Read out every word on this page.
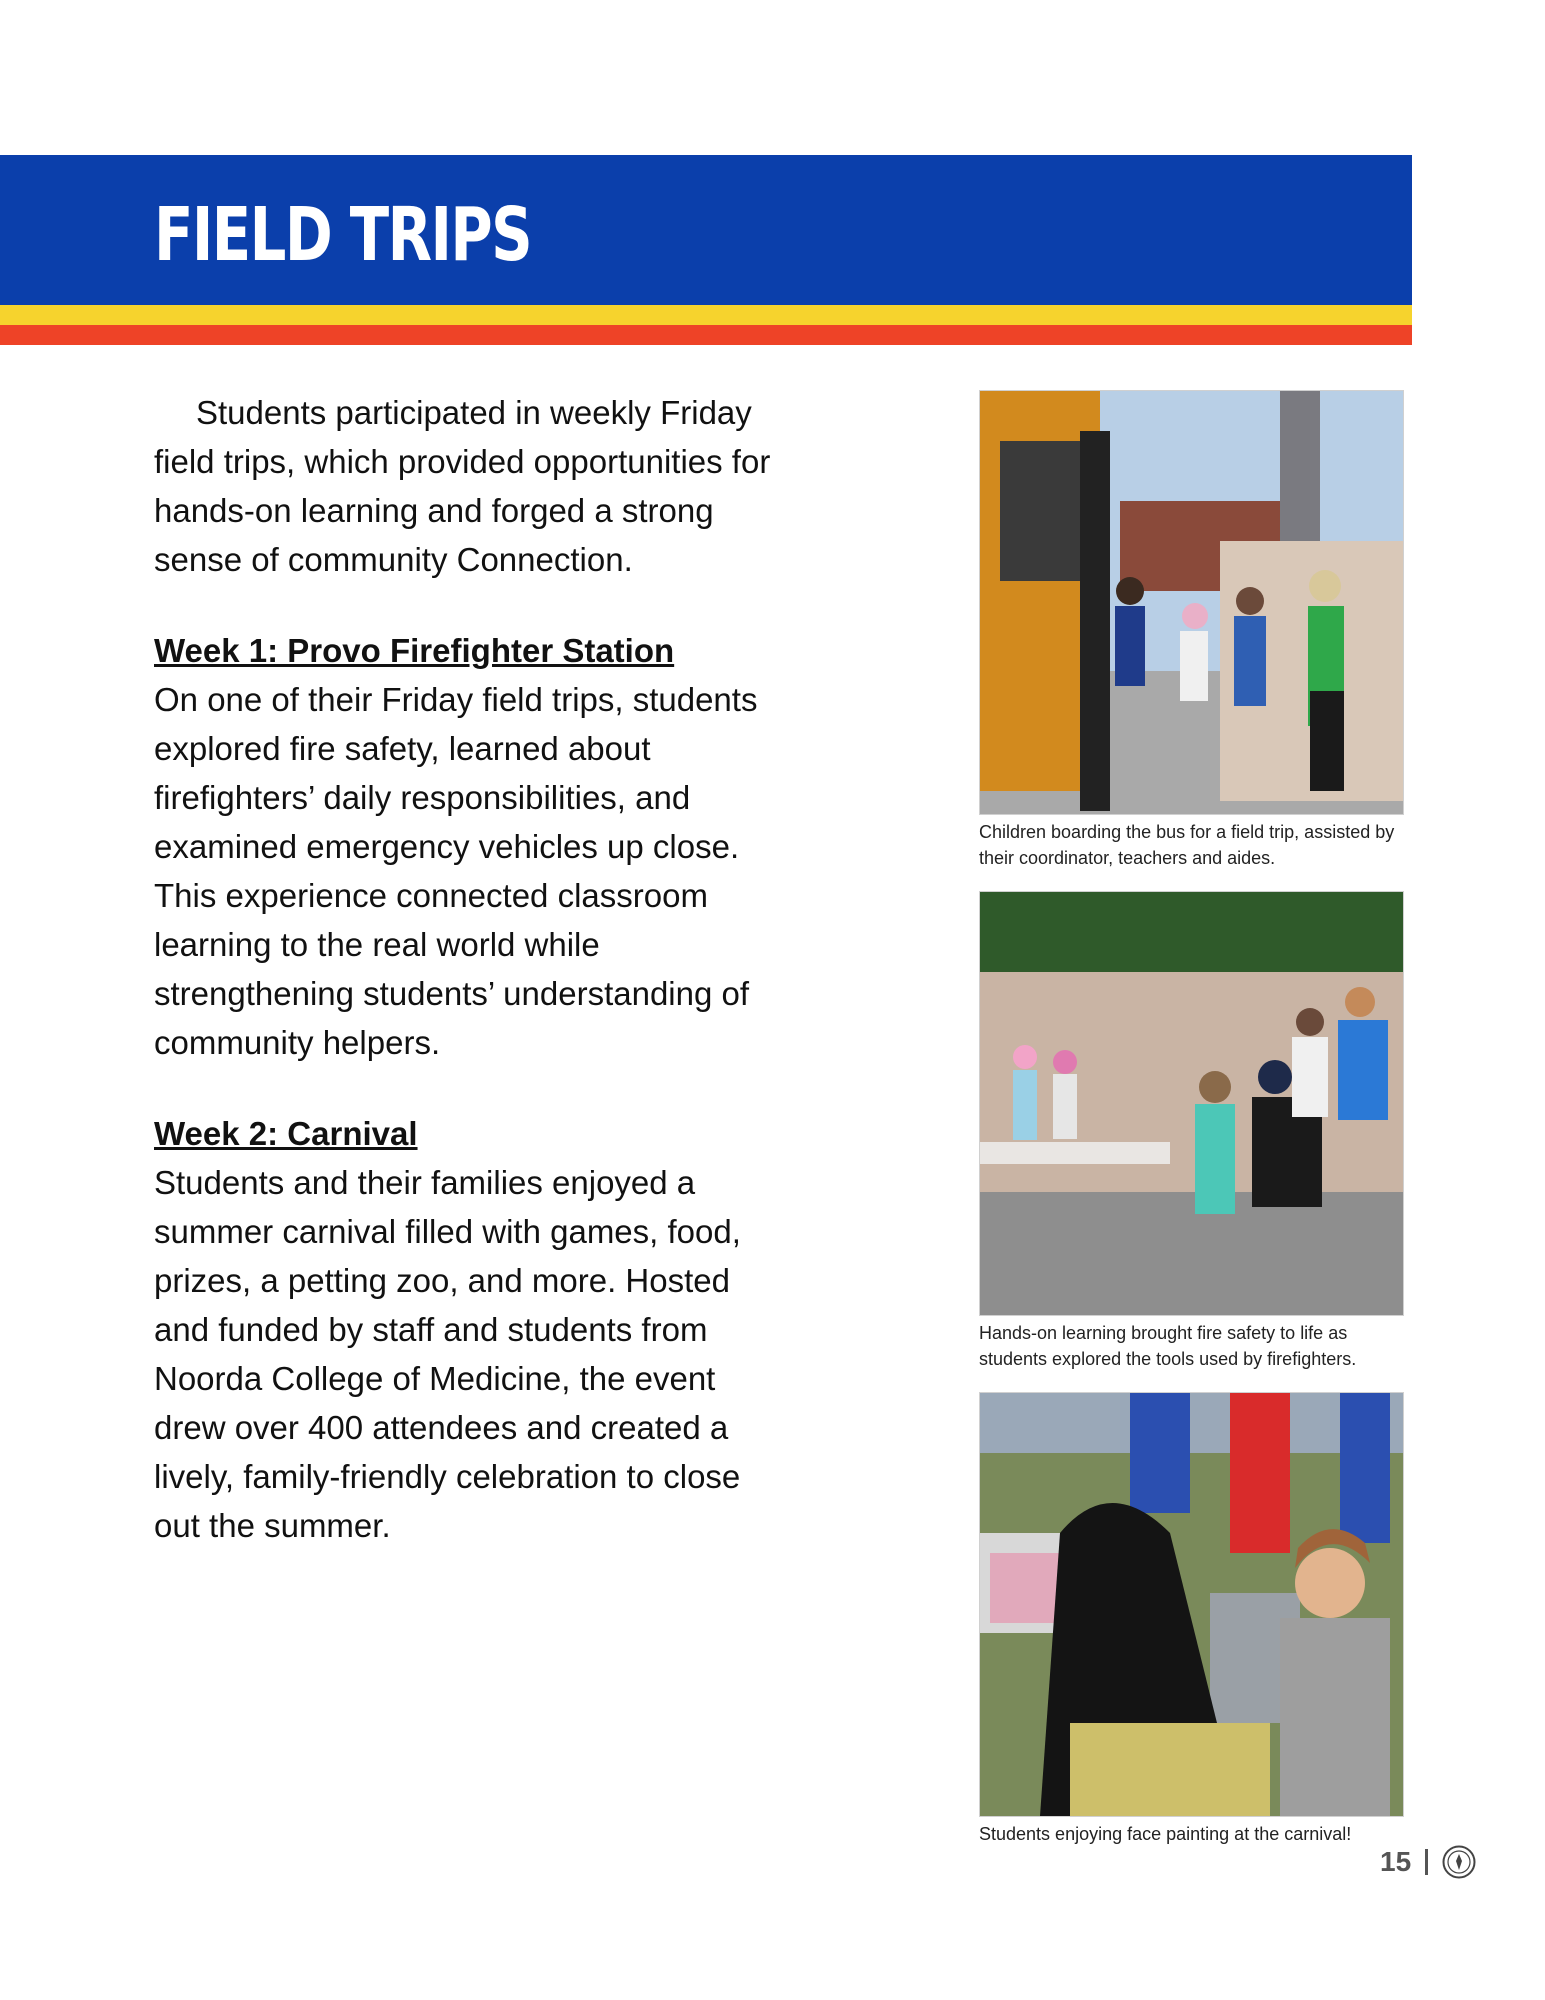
FIELD TRIPS

Students participated in weekly Friday field trips, which provided opportunities for hands-on learning and forged a strong sense of community Connection.

Week 1: Provo Firefighter Station

On one of their Friday field trips, students explored fire safety, learned about firefighters’ daily responsibilities, and examined emergency vehicles up close. This experience connected classroom learning to the real world while strengthening students’ understanding of community helpers.

Week 2: Carnival

Students and their families enjoyed a summer carnival filled with games, food, prizes, a petting zoo, and more. Hosted and funded by staff and students from Noorda College of Medicine, the event drew over 400 attendees and created a lively, family-friendly celebration to close out the summer.

Children boarding the bus for a field trip, assisted by their coordinator, teachers and aides.
Hands-on learning brought fire safety to life as students explored the tools used by firefighters.
Students enjoying face painting at the carnival!
15
